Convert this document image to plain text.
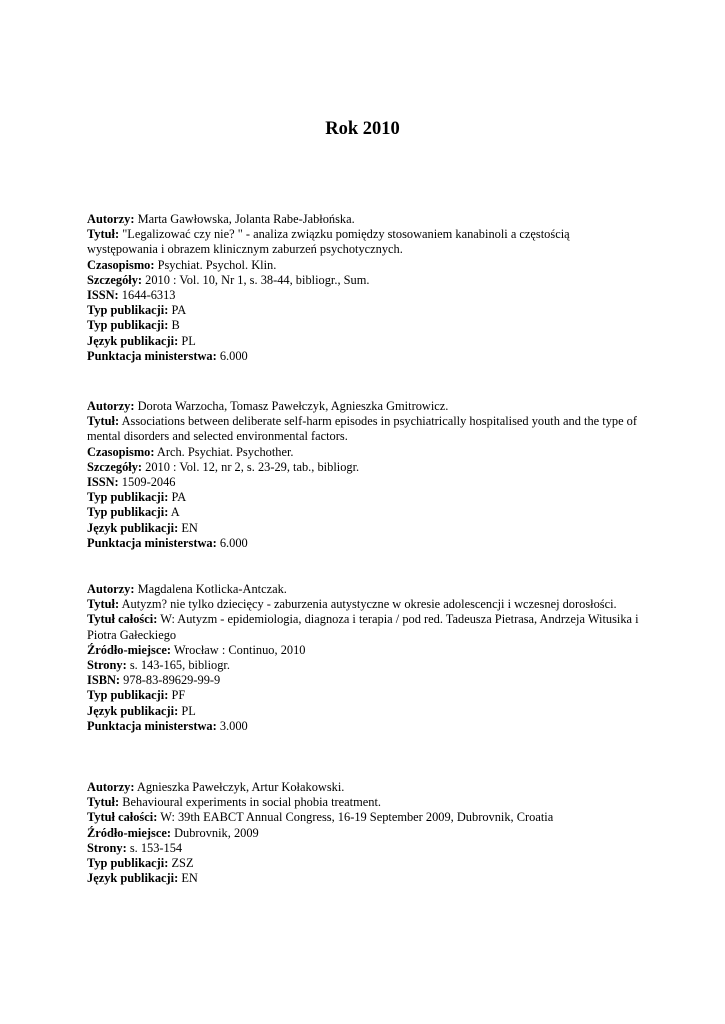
Rok 2010
Autorzy: Marta Gawłowska, Jolanta Rabe-Jabłońska.
Tytuł: "Legalizować czy nie? " - analiza związku pomiędzy stosowaniem kanabinoli a częstością występowania i obrazem klinicznym zaburzeń psychotycznych.
Czasopismo: Psychiat. Psychol. Klin.
Szczegóły: 2010 : Vol. 10, Nr 1, s. 38-44, bibliogr., Sum.
ISSN: 1644-6313
Typ publikacji: PA
Typ publikacji: B
Język publikacji: PL
Punktacja ministerstwa: 6.000
Autorzy: Dorota Warzocha, Tomasz Pawełczyk, Agnieszka Gmitrowicz.
Tytuł: Associations between deliberate self-harm episodes in psychiatrically hospitalised youth and the type of mental disorders and selected environmental factors.
Czasopismo: Arch. Psychiat. Psychother.
Szczegóły: 2010 : Vol. 12, nr 2, s. 23-29, tab., bibliogr.
ISSN: 1509-2046
Typ publikacji: PA
Typ publikacji: A
Język publikacji: EN
Punktacja ministerstwa: 6.000
Autorzy: Magdalena Kotlicka-Antczak.
Tytuł: Autyzm? nie tylko dziecięcy - zaburzenia autystyczne w okresie adolescencji i wczesnej dorosłości.
Tytuł całości: W: Autyzm - epidemiologia, diagnoza i terapia / pod red. Tadeusza Pietrasa, Andrzeja Witusika i Piotra Gałeckiego
Źródło-miejsce: Wrocław : Continuo, 2010
Strony: s. 143-165, bibliogr.
ISBN: 978-83-89629-99-9
Typ publikacji: PF
Język publikacji: PL
Punktacja ministerstwa: 3.000
Autorzy: Agnieszka Pawełczyk, Artur Kołakowski.
Tytuł: Behavioural experiments in social phobia treatment.
Tytuł całości: W: 39th EABCT Annual Congress, 16-19 September 2009, Dubrovnik, Croatia
Źródło-miejsce: Dubrovnik, 2009
Strony: s. 153-154
Typ publikacji: ZSZ
Język publikacji: EN
